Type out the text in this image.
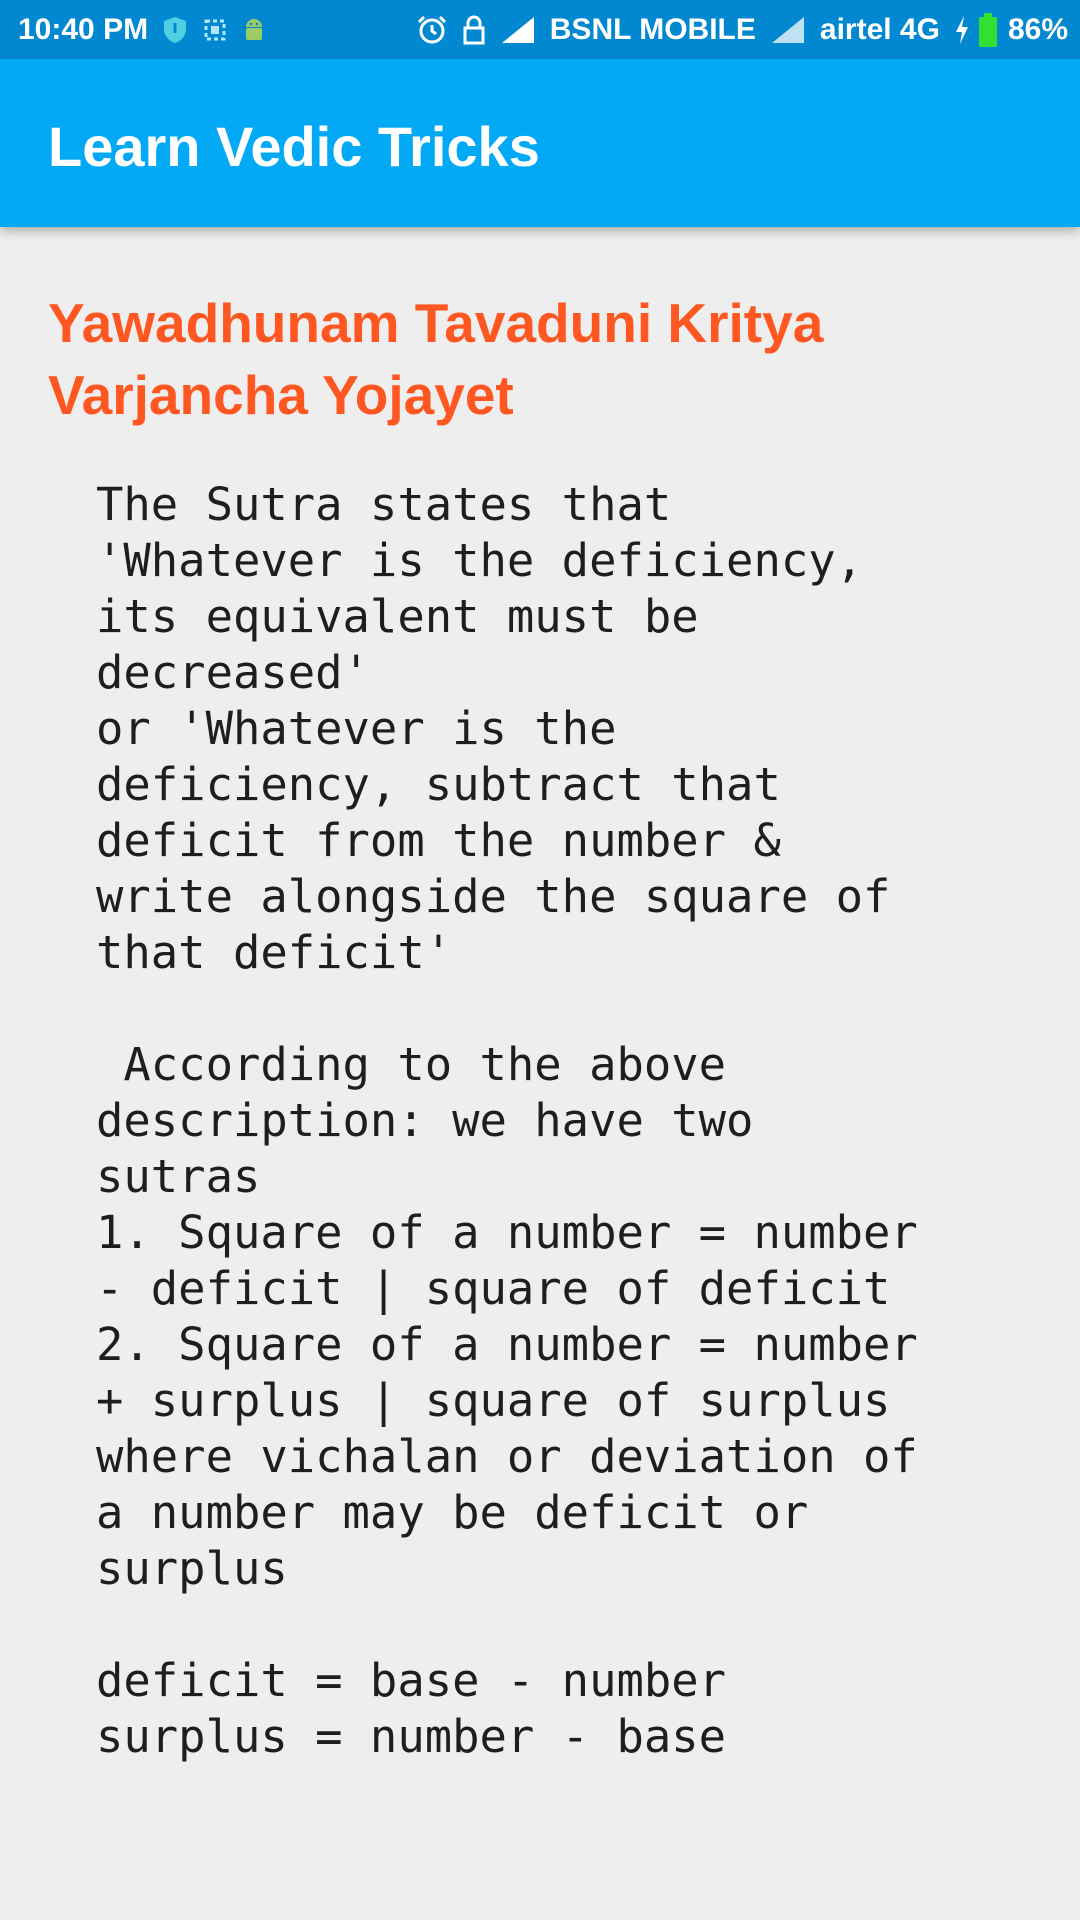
10:40 PM	BSNL MOBILE airtel 4G 86%
Learn Vedic Tricks
Yawadhunam Tavaduni Kritya Varjancha Yojayet
The Sutra states that
'Whatever is the deficiency,
its equivalent must be
decreased'
or 'Whatever is the
deficiency, subtract that
deficit from the number &
write alongside the square of
that deficit'

According to the above
description: we have two
sutras
1. Square of a number = number
- deficit | square of deficit
2. Square of a number = number
+ surplus | square of surplus
where vichalan or deviation of
a number may be deficit or
surplus

deficit = base - number
surplus = number - base
